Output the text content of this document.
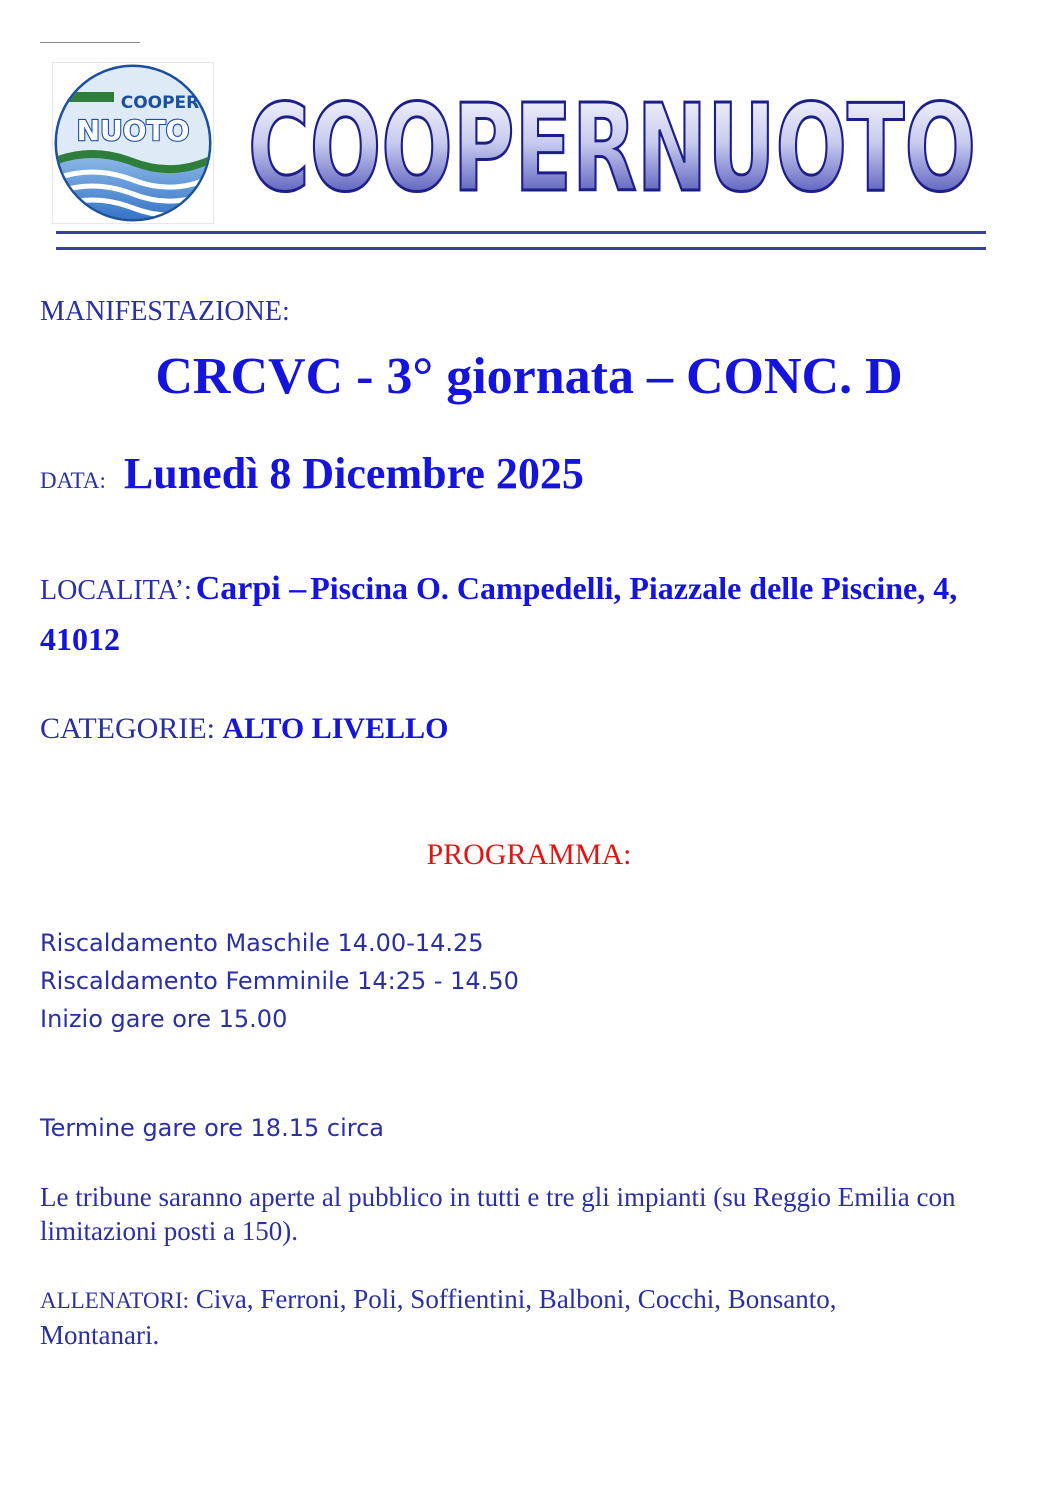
COOPER
NUOTO COOPERNUOTO
MANIFESTAZIONE:
CRCVC - 3° giornata – CONC. D
DATA: Lunedì 8 Dicembre 2025
LOCALITA’: Carpi – Piscina O. Campedelli, Piazzale delle Piscine, 4, 41012
CATEGORIE: ALTO LIVELLO
PROGRAMMA:
Riscaldamento Maschile 14.00-14.25
Riscaldamento Femminile 14:25 - 14.50
Inizio gare ore 15.00
Termine gare ore 18.15 circa
Le tribune saranno aperte al pubblico in tutti e tre gli impianti (su Reggio Emilia con limitazioni posti a 150).
ALLENATORI: Civa, Ferroni, Poli, Soffientini, Balboni, Cocchi, Bonsanto, Montanari.
